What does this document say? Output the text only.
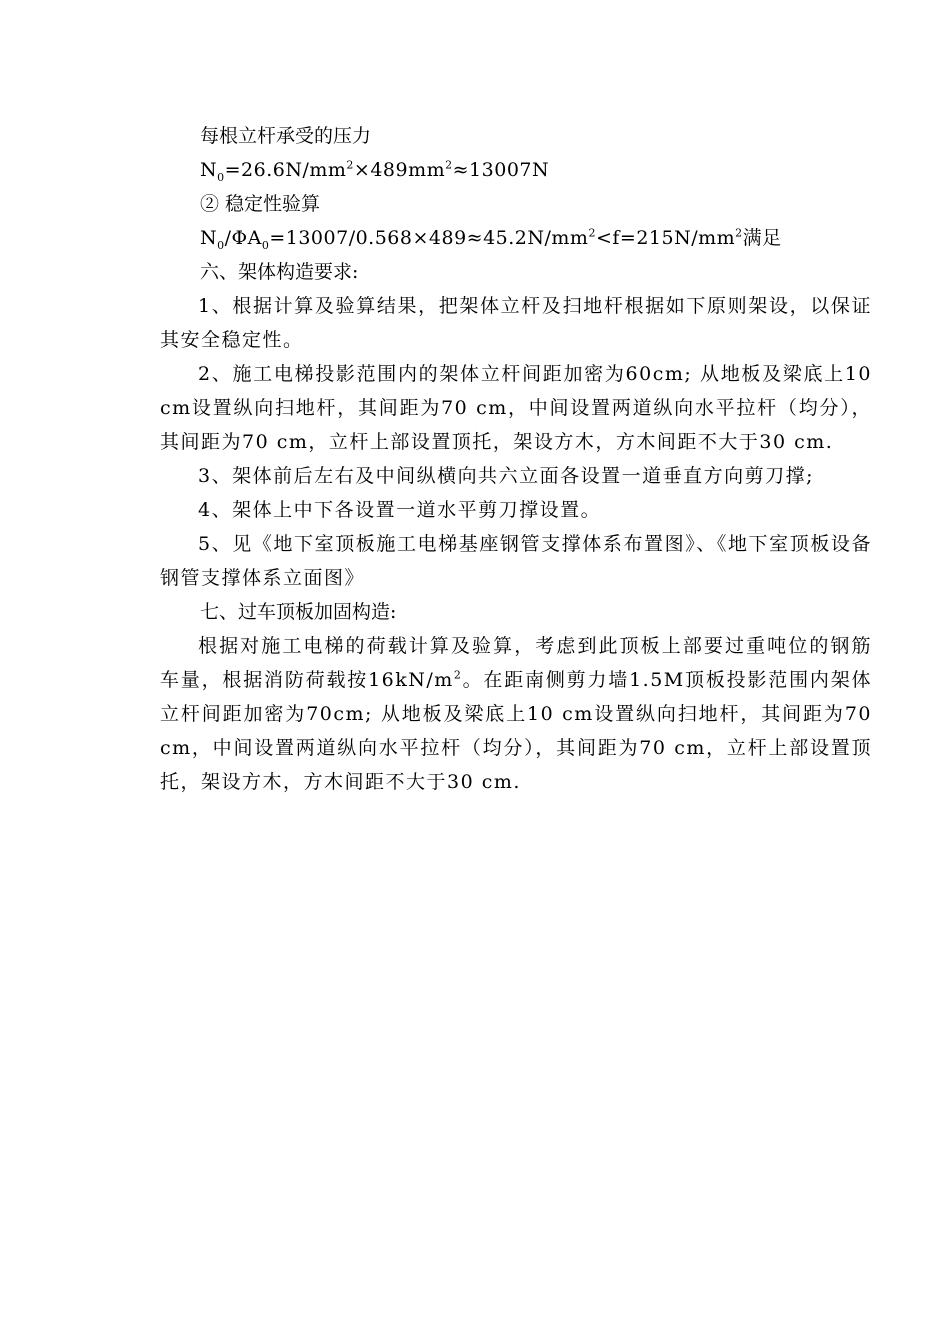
每根立杆承受的压力
$N_0=26.6N/mm^2\times 489mm^2\approx 13007N$
② 稳定性验算
$N_0/\Phi A_0=13007/0.568\times 489\approx 45.2N/mm^2<f=215N/mm^2$满足
六、架体构造要求:
1、根据计算及验算结果，把架体立杆及扫地杆根据如下原则架设，以保证其安全稳定性。
2、施工电梯投影范围内的架体立杆间距加密为60cm; 从地板及梁底上10 cm设置纵向扫地杆，其间距为70 cm，中间设置两道纵向水平拉杆（均分），其间距为70 cm，立杆上部设置顶托，架设方木，方木间距不大于30 cm.
3、架体前后左右及中间纵横向共六立面各设置一道垂直方向剪刀撑;
4、架体上中下各设置一道水平剪刀撑设置。
5、见《地下室顶板施工电梯基座钢管支撑体系布置图》、《地下室顶板设备钢管支撑体系立面图》
七、过车顶板加固构造:
根据对施工电梯的荷载计算及验算，考虑到此顶板上部要过重吨位的钢筋车量，根据消防荷载按$16kN/m^2$。在距南侧剪力墙1.5M顶板投影范围内架体立杆间距加密为70cm; 从地板及梁底上10 cm设置纵向扫地杆，其间距为70 cm，中间设置两道纵向水平拉杆（均分），其间距为70 cm，立杆上部设置顶托，架设方木，方木间距不大于30 cm.
